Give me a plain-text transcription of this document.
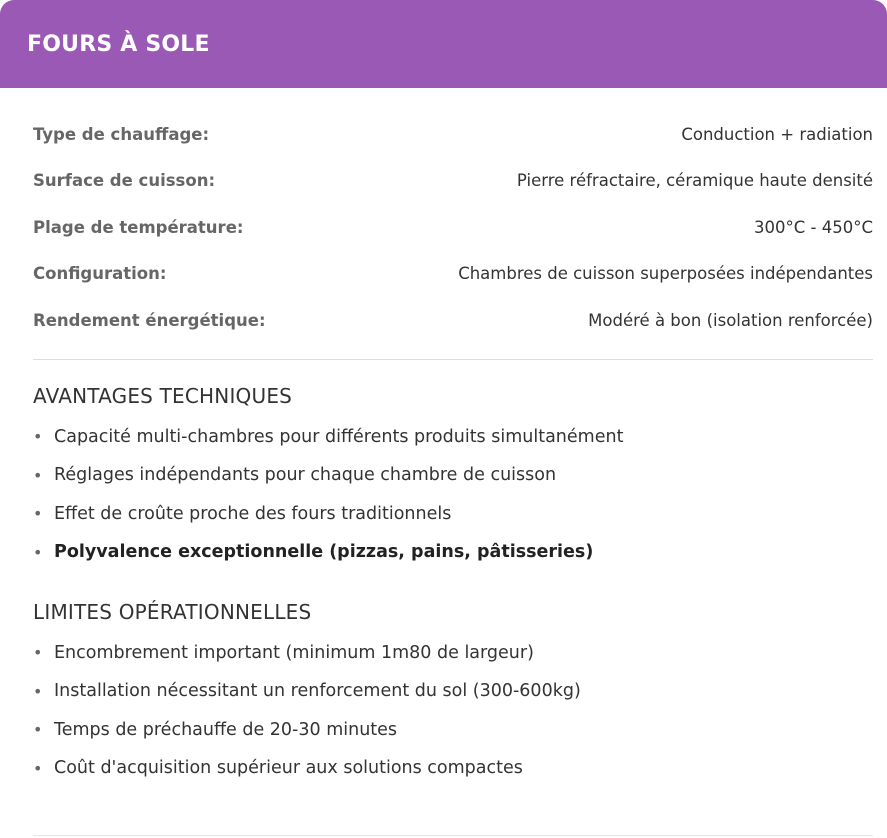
FOURS À SOLE
Type de chauffage:	Conduction + radiation
Surface de cuisson:	Pierre réfractaire, céramique haute densité
Plage de température:	300°C - 450°C
Configuration:	Chambres de cuisson superposées indépendantes
Rendement énergétique:	Modéré à bon (isolation renforcée)
AVANTAGES TECHNIQUES
• Capacité multi-chambres pour différents produits simultanément
• Réglages indépendants pour chaque chambre de cuisson
• Effet de croûte proche des fours traditionnels
• Polyvalence exceptionnelle (pizzas, pains, pâtisseries)
LIMITES OPÉRATIONNELLES
• Encombrement important (minimum 1m80 de largeur)
• Installation nécessitant un renforcement du sol (300-600kg)
• Temps de préchauffe de 20-30 minutes
• Coût d'acquisition supérieur aux solutions compactes
